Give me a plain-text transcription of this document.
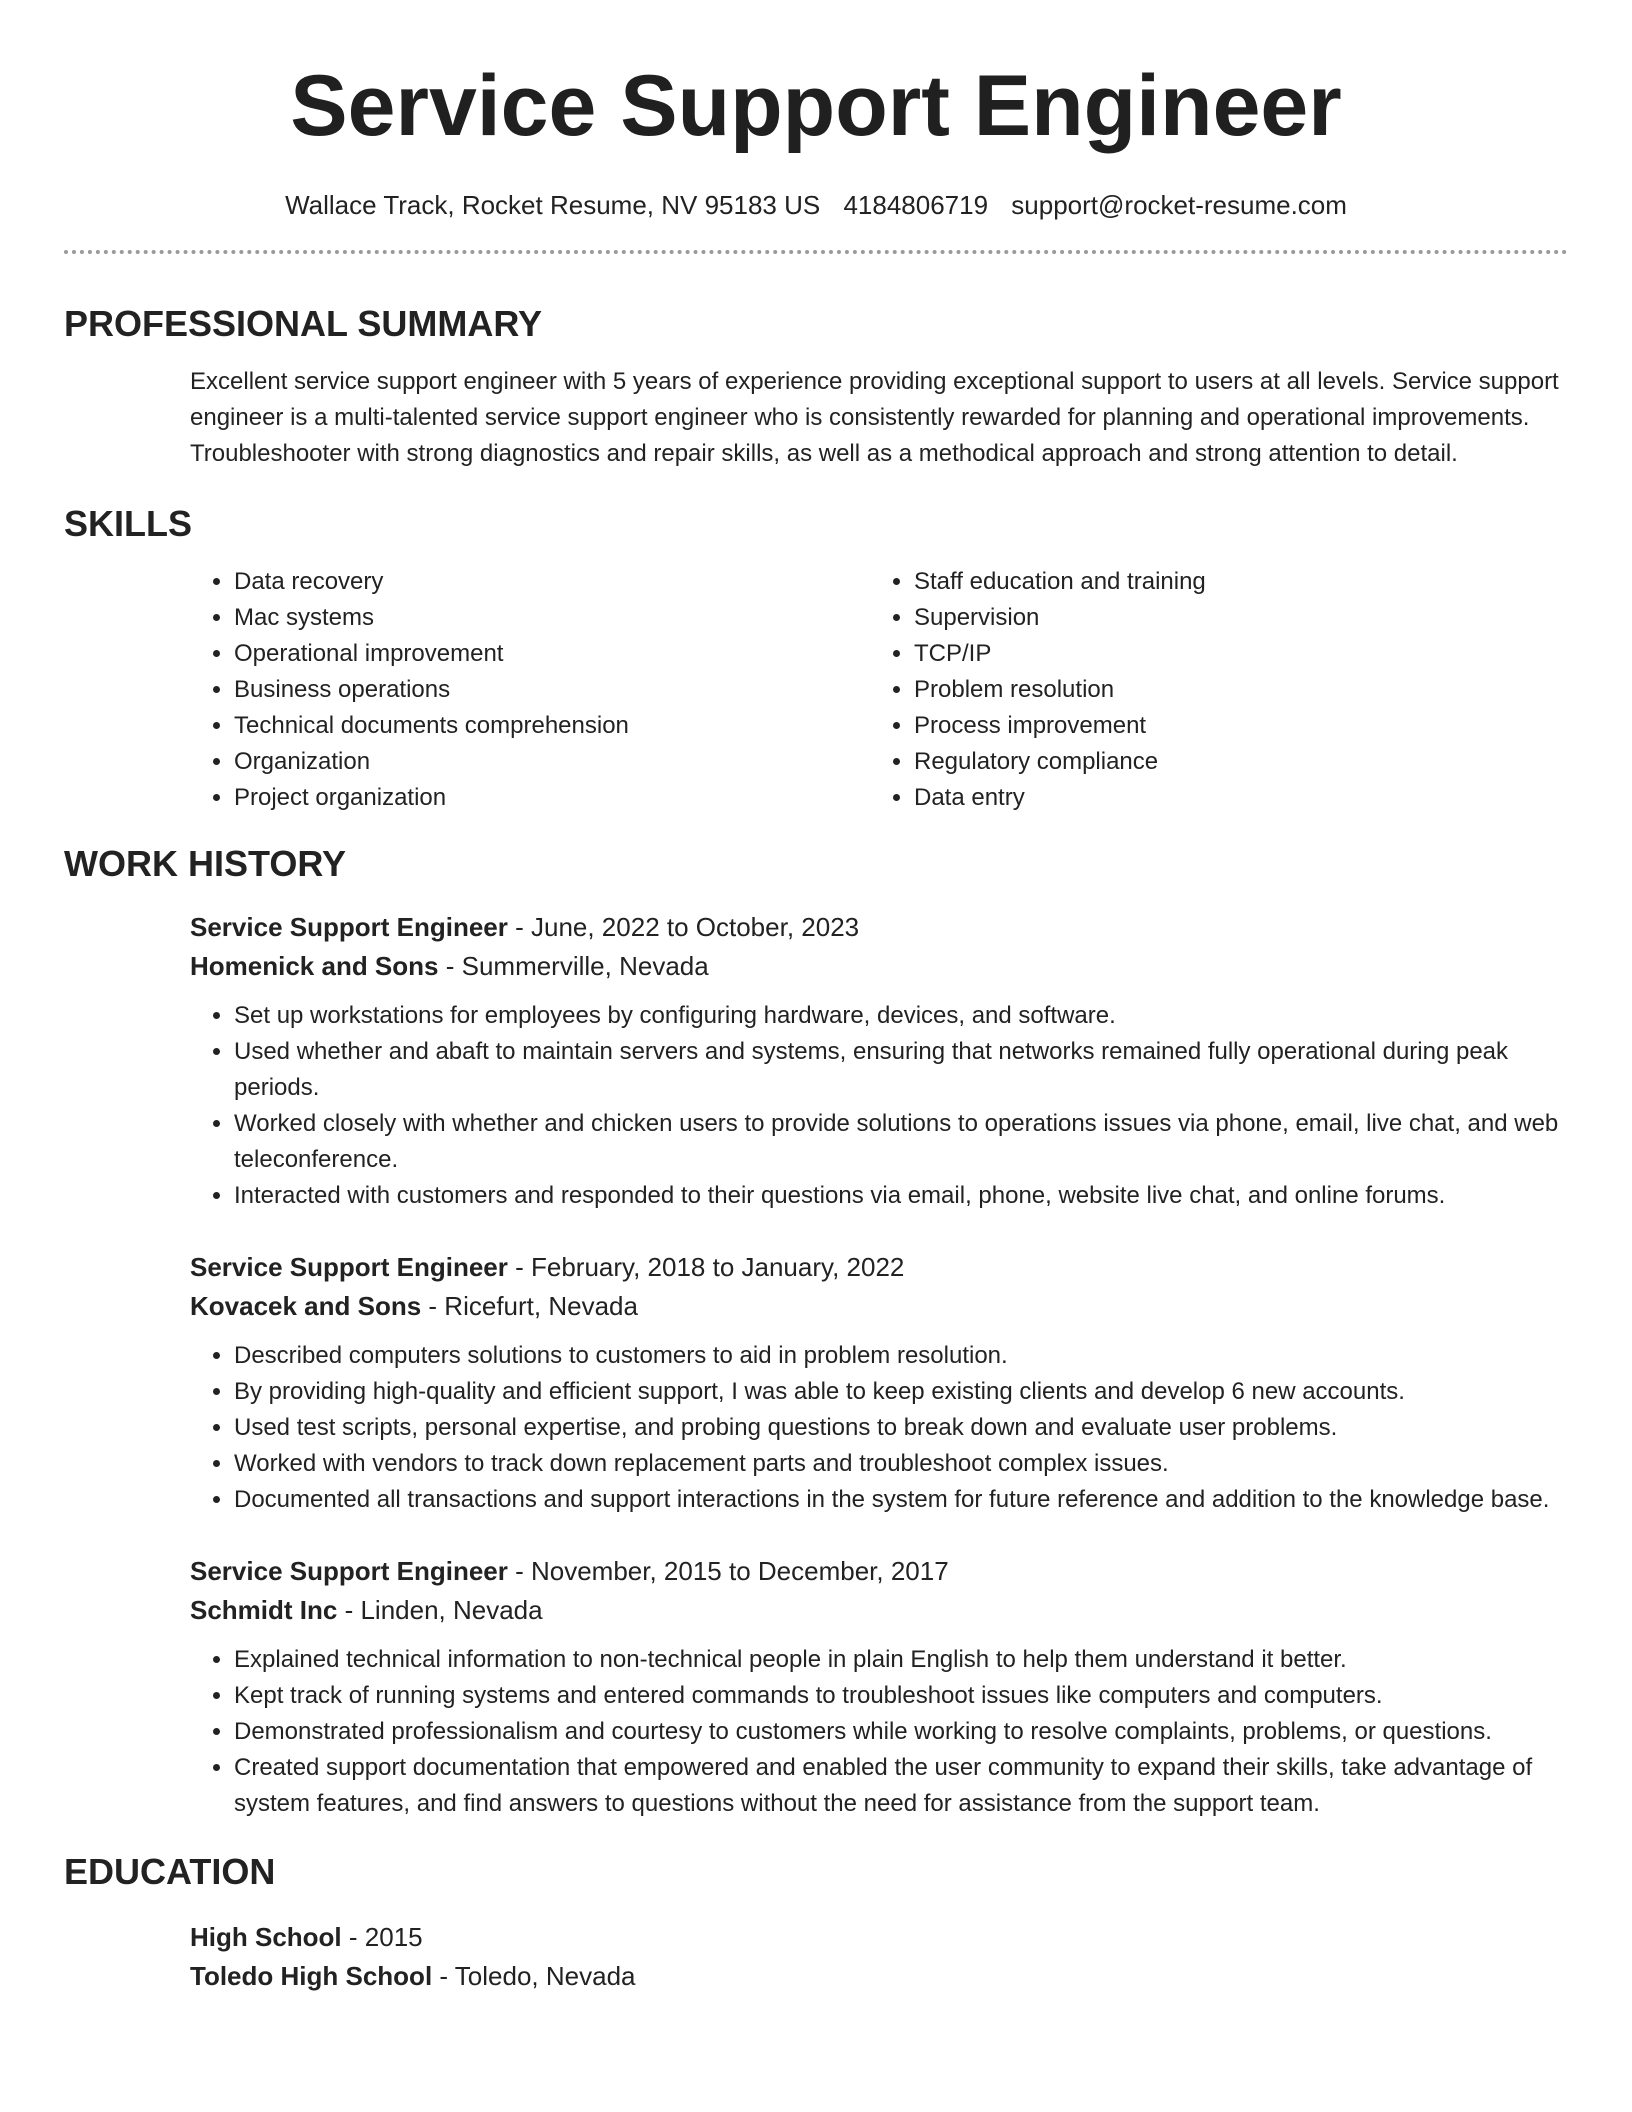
Service Support Engineer
Wallace Track, Rocket Resume, NV 95183 US 4184806719 support@rocket-resume.com
PROFESSIONAL SUMMARY

Excellent service support engineer with 5 years of experience providing exceptional support to users at all levels. Service support engineer is a multi-talented service support engineer who is consistently rewarded for planning and operational improvements. Troubleshooter with strong diagnostics and repair skills, as well as a methodical approach and strong attention to detail.

SKILLS
• Data recovery
• Mac systems
• Operational improvement
• Business operations
• Technical documents comprehension
• Organization
• Project organization
• Staff education and training
• Supervision
• TCP/IP
• Problem resolution
• Process improvement
• Regulatory compliance
• Data entry
WORK HISTORY
Service Support Engineer - June, 2022 to October, 2023
Homenick and Sons - Summerville, Nevada
• Set up workstations for employees by configuring hardware, devices, and software.
• Used whether and abaft to maintain servers and systems, ensuring that networks remained fully operational during peak periods.
• Worked closely with whether and chicken users to provide solutions to operations issues via phone, email, live chat, and web teleconference.
• Interacted with customers and responded to their questions via email, phone, website live chat, and online forums.
Service Support Engineer - February, 2018 to January, 2022
Kovacek and Sons - Ricefurt, Nevada
• Described computers solutions to customers to aid in problem resolution.
• By providing high-quality and efficient support, I was able to keep existing clients and develop 6 new accounts.
• Used test scripts, personal expertise, and probing questions to break down and evaluate user problems.
• Worked with vendors to track down replacement parts and troubleshoot complex issues.
• Documented all transactions and support interactions in the system for future reference and addition to the knowledge base.
Service Support Engineer - November, 2015 to December, 2017
Schmidt Inc - Linden, Nevada
• Explained technical information to non-technical people in plain English to help them understand it better.
• Kept track of running systems and entered commands to troubleshoot issues like computers and computers.
• Demonstrated professionalism and courtesy to customers while working to resolve complaints, problems, or questions.
• Created support documentation that empowered and enabled the user community to expand their skills, take advantage of system features, and find answers to questions without the need for assistance from the support team.
EDUCATION
High School - 2015
Toledo High School - Toledo, Nevada
